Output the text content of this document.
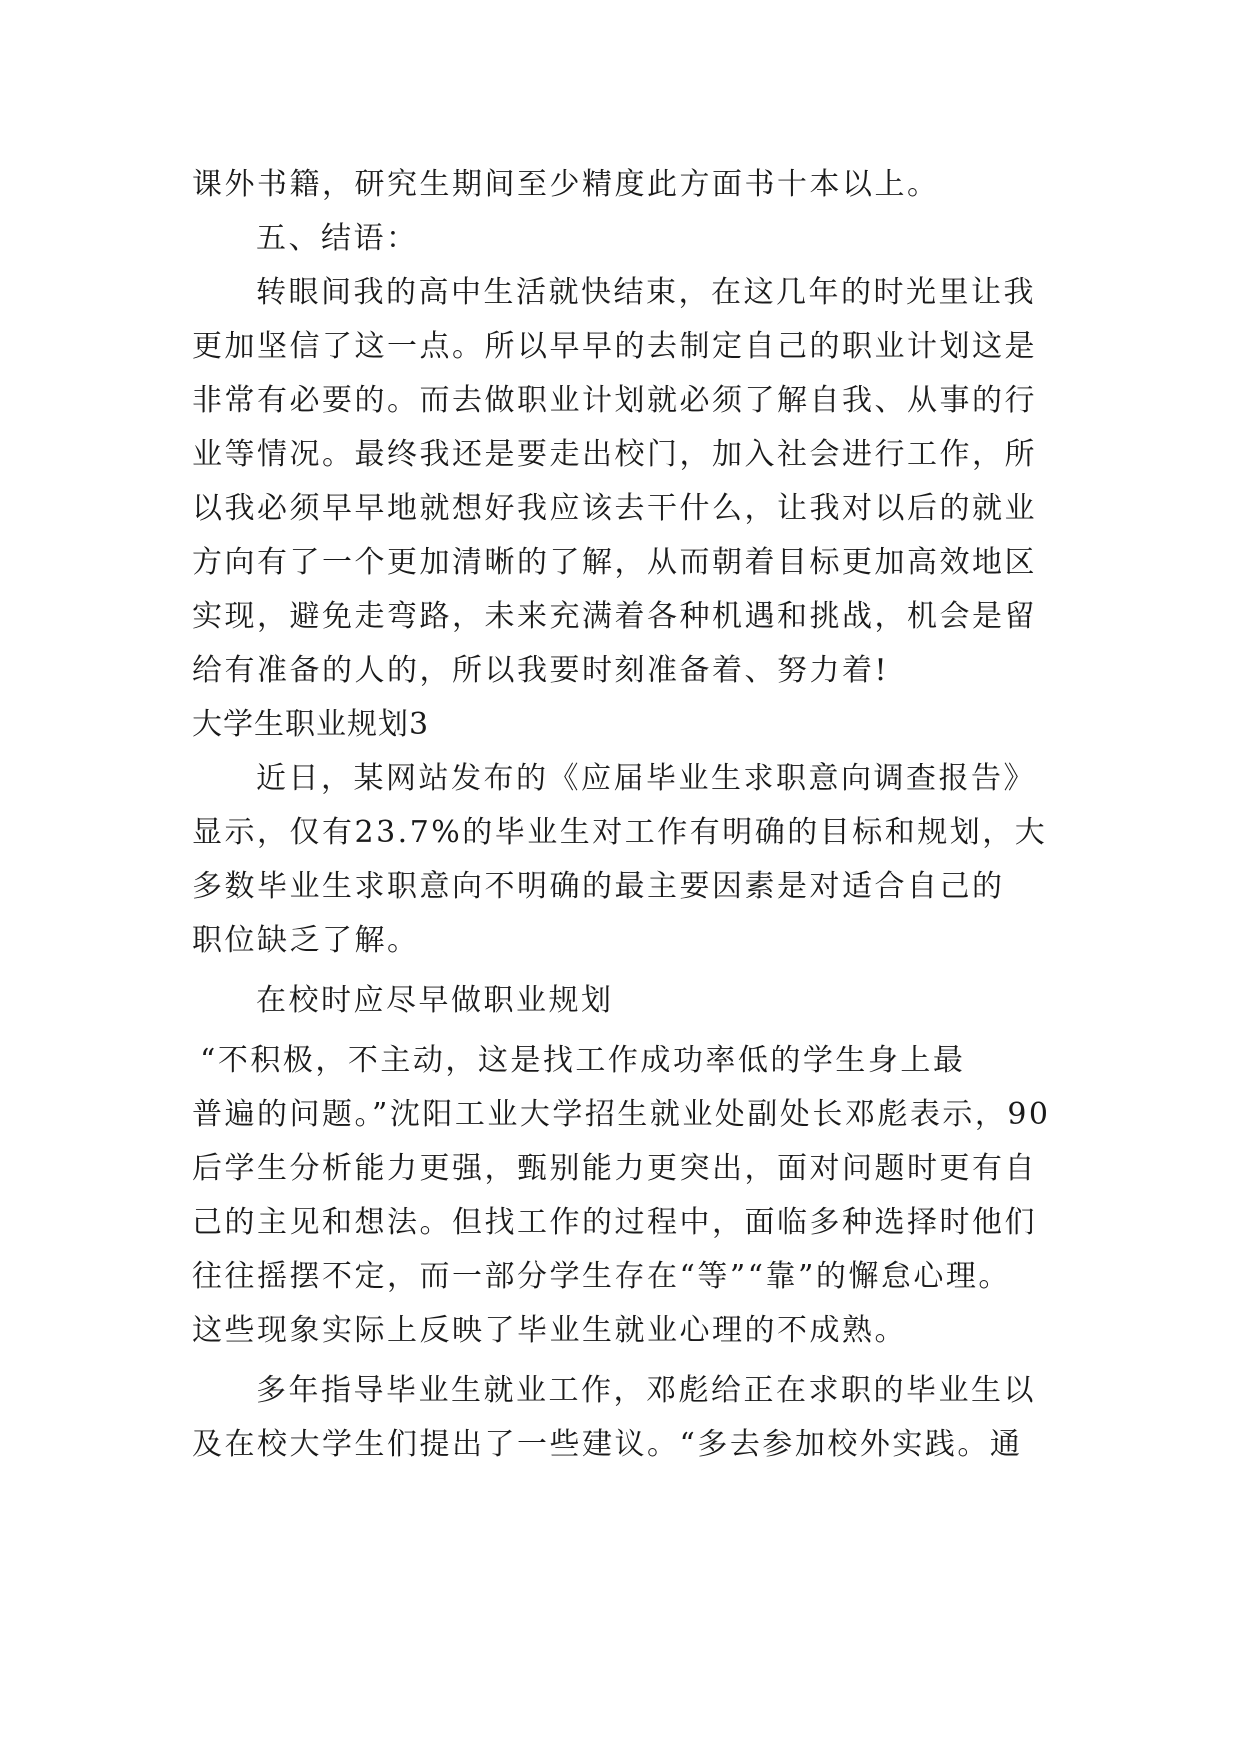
课外书籍，研究生期间至少精度此方面书十本以上。
五、结语：
转眼间我的高中生活就快结束，在这几年的时光里让我
更加坚信了这一点。所以早早的去制定自己的职业计划这是
非常有必要的。而去做职业计划就必须了解自我、从事的行
业等情况。最终我还是要走出校门，加入社会进行工作，所
以我必须早早地就想好我应该去干什么，让我对以后的就业
方向有了一个更加清晰的了解，从而朝着目标更加高效地区
实现，避免走弯路，未来充满着各种机遇和挑战，机会是留
给有准备的人的，所以我要时刻准备着、努力着!
大学生职业规划3
近日，某网站发布的《应届毕业生求职意向调查报告》
显示，仅有23.7%的毕业生对工作有明确的目标和规划，大
多数毕业生求职意向不明确的最主要因素是对适合自己的
职位缺乏了解。
在校时应尽早做职业规划
“不积极，不主动，这是找工作成功率低的学生身上最
普遍的问题。”沈阳工业大学招生就业处副处长邓彪表示，90
后学生分析能力更强，甄别能力更突出，面对问题时更有自
己的主见和想法。但找工作的过程中，面临多种选择时他们
往往摇摆不定，而一部分学生存在“等”“靠”的懈怠心理。
这些现象实际上反映了毕业生就业心理的不成熟。
多年指导毕业生就业工作，邓彪给正在求职的毕业生以
及在校大学生们提出了一些建议。“多去参加校外实践。通
